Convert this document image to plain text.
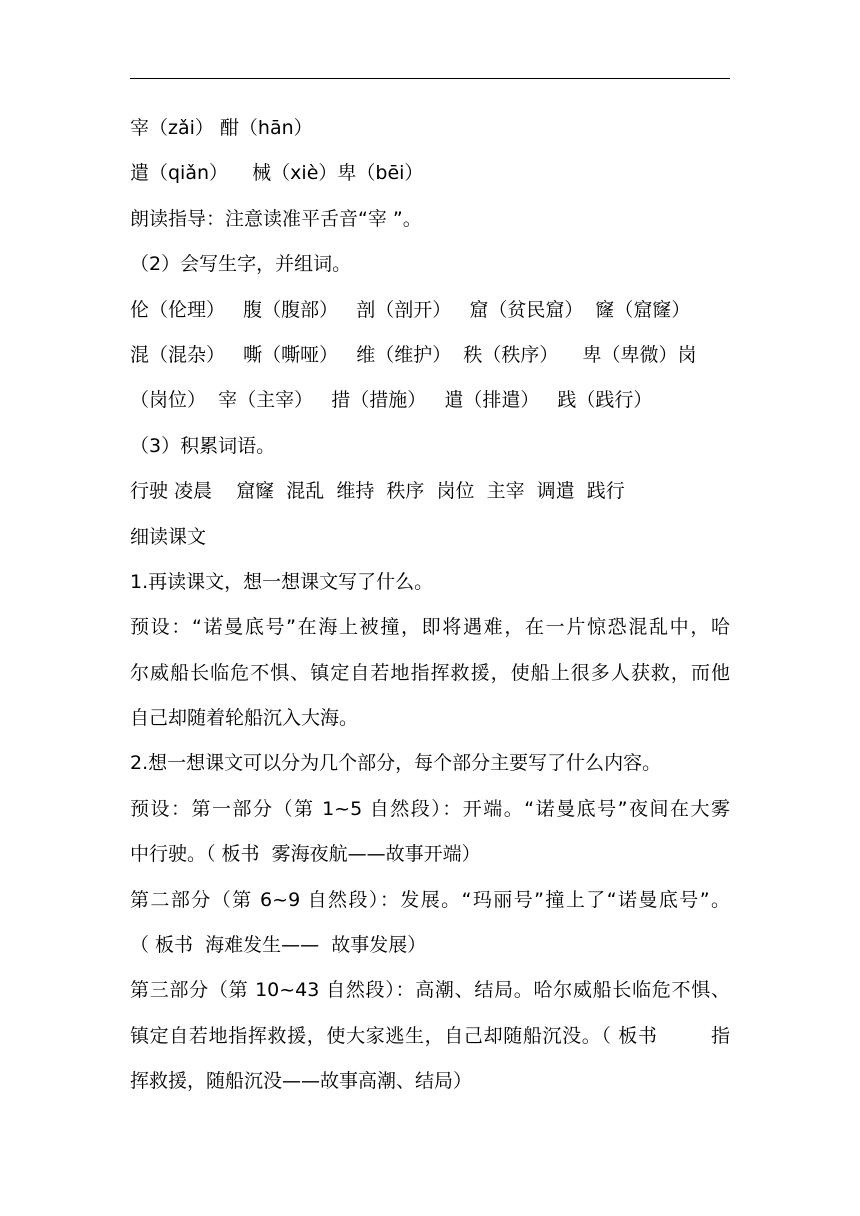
宰（zǎi） 酣（hān）
遣（qiǎn）    械（xiè）卑（bēi）
朗读指导：注意读准平舌音“宰 ”。
（2）会写生字，并组词。
伦（伦理）   腹（腹部）   剖（剖开）   窟（贫民窟）  窿（窟窿）
混（混杂）   嘶（嘶哑）   维（维护）  秩（秩序）    卑（卑微）岗
（岗位）  宰（主宰）   措（措施）   遣（排遣）   践（践行）
（3）积累词语。
行驶 凌晨    窟窿  混乱  维持  秩序  岗位  主宰  调遣  践行
细读课文
1.再读课文，想一想课文写了什么。
预设：“诺曼底号”在海上被撞，即将遇难，在一片惊恐混乱中，哈
尔威船长临危不惧、镇定自若地指挥救援，使船上很多人获救，而他
自己却随着轮船沉入大海。
2.想一想课文可以分为几个部分，每个部分主要写了什么内容。
预设：第一部分（第 1~5 自然段）：开端。“诺曼底号”夜间在大雾
中行驶。（ 板书  雾海夜航——故事开端）
第二部分（第 6~9 自然段）：发展。“玛丽号”撞上了“诺曼底号”。
（ 板书  海难发生——  故事发展）
第三部分（第 10~43 自然段）：高潮、结局。哈尔威船长临危不惧、
镇定自若地指挥救援，使大家逃生，自己却随船沉没。（ 板书        指
挥救援，随船沉没——故事高潮、结局）
